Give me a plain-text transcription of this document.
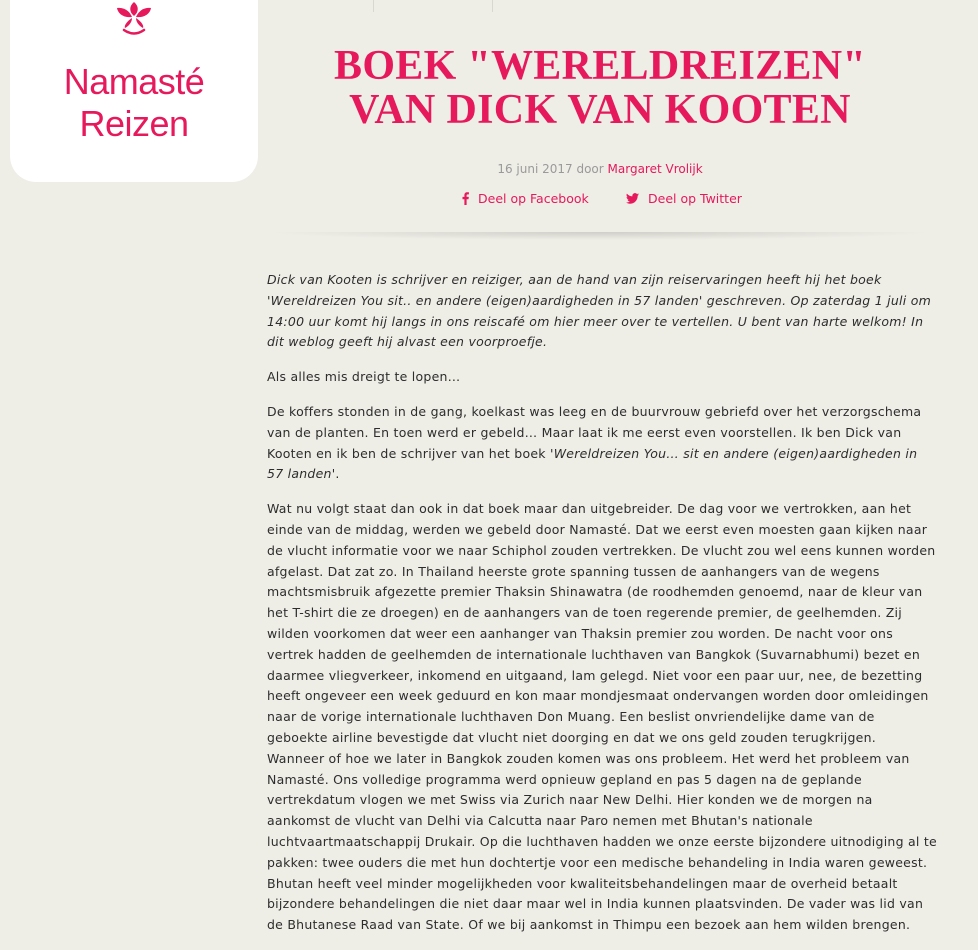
Namasté
Reizen
BOEK "WERELDREIZEN"
VAN DICK VAN KOOTEN
16 juni 2017 door Margaret Vrolijk
Deel op Facebook	Deel op Twitter

Dick van Kooten is schrijver en reiziger, aan de hand van zijn reiservaringen heeft hij het boek 'Wereldreizen You sit.. en andere (eigen)aardigheden in 57 landen' geschreven. Op zaterdag 1 juli om 14:00 uur komt hij langs in ons reiscafé om hier meer over te vertellen. U bent van harte welkom! In dit weblog geeft hij alvast een voorproefje.

Als alles mis dreigt te lopen…

De koffers stonden in de gang, koelkast was leeg en de buurvrouw gebriefd over het verzorgschema van de planten. En toen werd er gebeld… Maar laat ik me eerst even voorstellen. Ik ben Dick van Kooten en ik ben de schrijver van het boek 'Wereldreizen You… sit en andere (eigen)aardigheden in 57 landen'.

Wat nu volgt staat dan ook in dat boek maar dan uitgebreider. De dag voor we vertrokken, aan het einde van de middag, werden we gebeld door Namasté. Dat we eerst even moesten gaan kijken naar de vlucht informatie voor we naar Schiphol zouden vertrekken. De vlucht zou wel eens kunnen worden afgelast. Dat zat zo. In Thailand heerste grote spanning tussen de aanhangers van de wegens machtsmisbruik afgezette premier Thaksin Shinawatra (de roodhemden genoemd, naar de kleur van het T-shirt die ze droegen) en de aanhangers van de toen regerende premier, de geelhemden. Zij wilden voorkomen dat weer een aanhanger van Thaksin premier zou worden. De nacht voor ons vertrek hadden de geelhemden de internationale luchthaven van Bangkok (Suvarnabhumi) bezet en daarmee vliegverkeer, inkomend en uitgaand, lam gelegd. Niet voor een paar uur, nee, de bezetting heeft ongeveer een week geduurd en kon maar mondjesmaat ondervangen worden door omleidingen naar de vorige internationale luchthaven Don Muang. Een beslist onvriendelijke dame van de geboekte airline bevestigde dat vlucht niet doorging en dat we ons geld zouden terugkrijgen. Wanneer of hoe we later in Bangkok zouden komen was ons probleem. Het werd het probleem van Namasté. Ons volledige programma werd opnieuw gepland en pas 5 dagen na de geplande vertrekdatum vlogen we met Swiss via Zurich naar New Delhi. Hier konden we de morgen na aankomst de vlucht van Delhi via Calcutta naar Paro nemen met Bhutan's nationale luchtvaartmaatschappij Drukair. Op die luchthaven hadden we onze eerste bijzondere uitnodiging al te pakken: twee ouders die met hun dochtertje voor een medische behandeling in India waren geweest. Bhutan heeft veel minder mogelijkheden voor kwaliteitsbehandelingen maar de overheid betaalt bijzondere behandelingen die niet daar maar wel in India kunnen plaatsvinden. De vader was lid van de Bhutanese Raad van State. Of we bij aankomst in Thimpu een bezoek aan hem wilden brengen.
